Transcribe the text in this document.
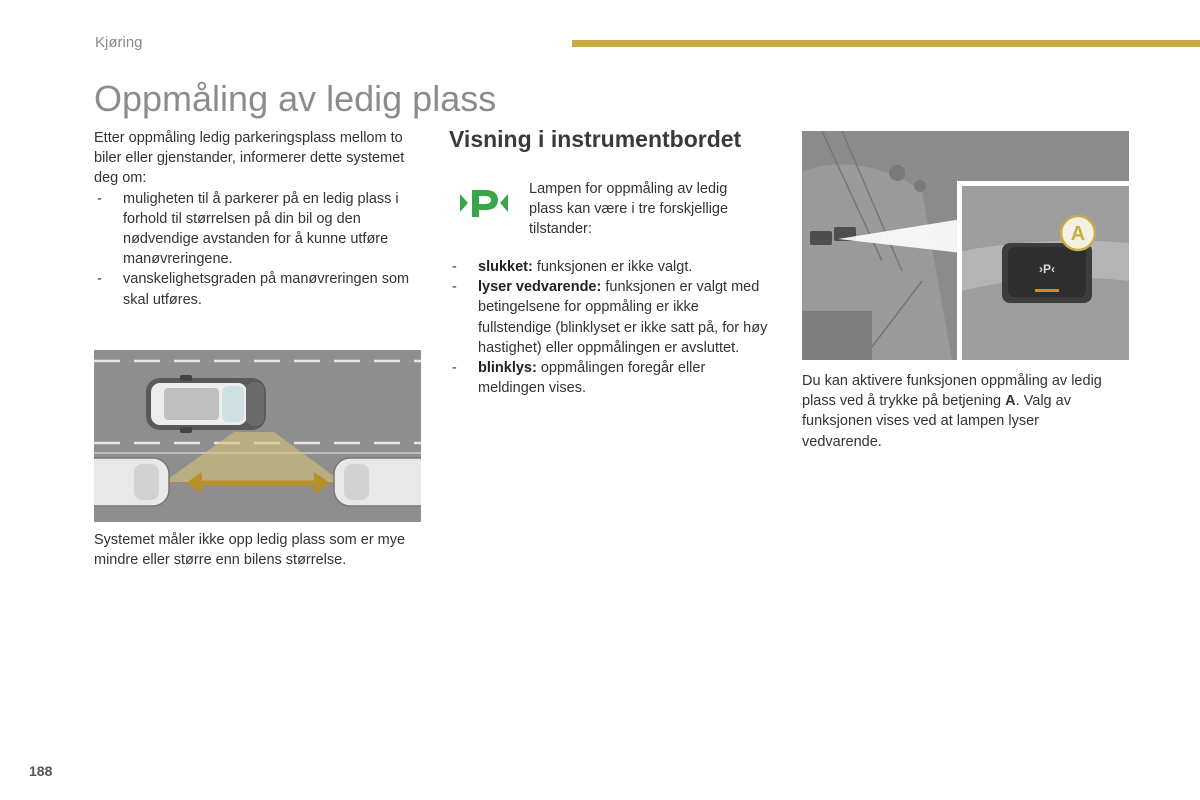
Kjøring
Oppmåling av ledig plass
Etter oppmåling ledig parkeringsplass mellom to biler eller gjenstander, informerer dette systemet deg om:
- muligheten til å parkerer på en ledig plass i forhold til størrelsen på din bil og den nødvendige avstanden for å kunne utføre manøvreringene.
- vanskelighetsgraden på manøvreringen som skal utføres.
Systemet måler ikke opp ledig plass som er mye mindre eller større enn bilens størrelse.
Visning i instrumentbordet
Lampen for oppmåling av ledig plass kan være i tre forskjellige tilstander:
- slukket: funksjonen er ikke valgt.
- lyser vedvarende: funksjonen er valgt med betingelsene for oppmåling er ikke fullstendige (blinklyset er ikke satt på, for høy hastighet) eller oppmålingen er avsluttet.
- blinklys: oppmålingen foregår eller meldingen vises.
›P‹
A
Du kan aktivere funksjonen oppmåling av ledig plass ved å trykke på betjening A. Valg av funksjonen vises ved at lampen lyser vedvarende.
188
